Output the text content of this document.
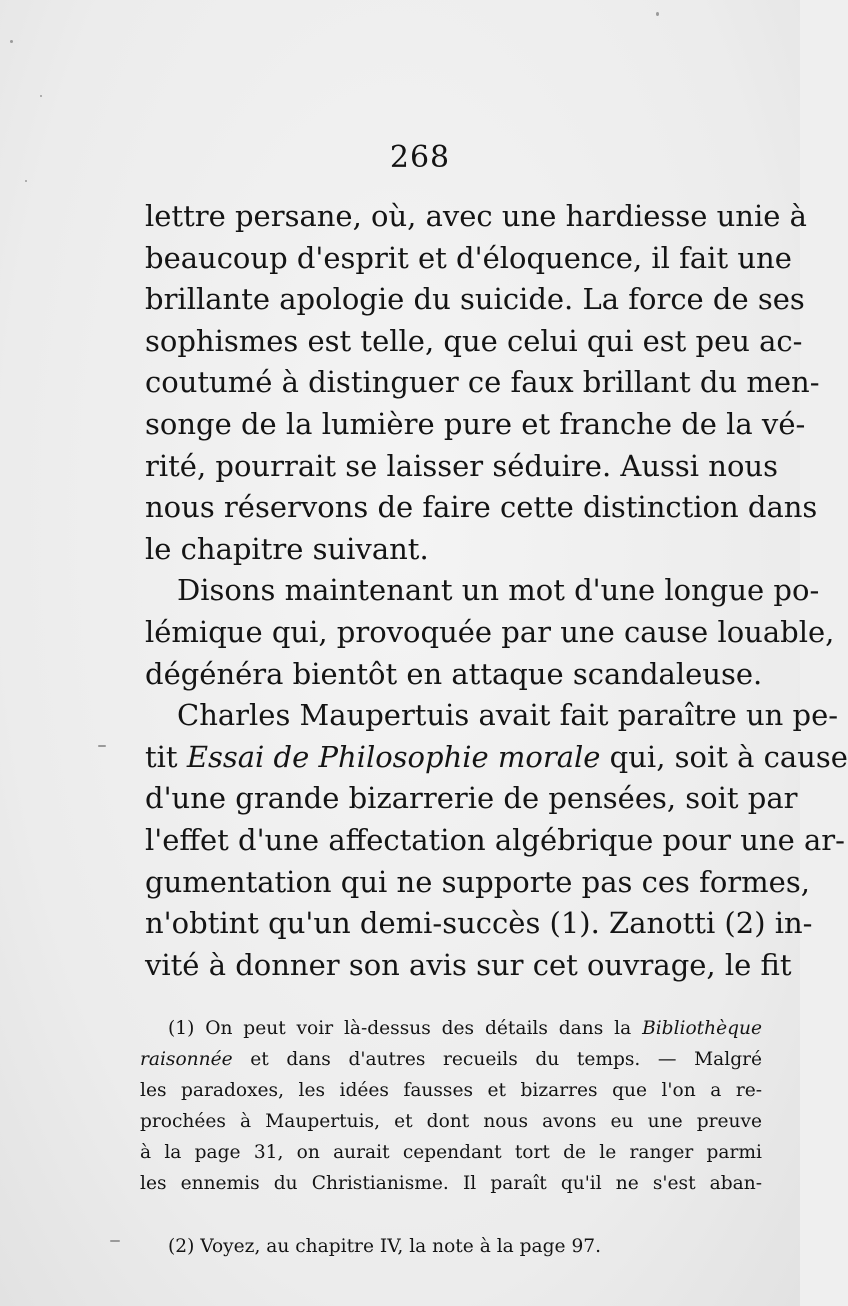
268
lettre persane, où, avec une hardiesse unie à
beaucoup d'esprit et d'éloquence, il fait une
brillante apologie du suicide. La force de ses
sophismes est telle, que celui qui est peu ac-
coutumé à distinguer ce faux brillant du men-
songe de la lumière pure et franche de la vé-
rité, pourrait se laisser séduire. Aussi nous
nous réservons de faire cette distinction dans
le chapitre suivant.
Disons maintenant un mot d'une longue po-
lémique qui, provoquée par une cause louable,
dégénéra bientôt en attaque scandaleuse.
Charles Maupertuis avait fait paraître un pe-
tit Essai de Philosophie morale qui, soit à cause
d'une grande bizarrerie de pensées, soit par
l'effet d'une affectation algébrique pour une ar-
gumentation qui ne supporte pas ces formes,
n'obtint qu'un demi-succès (1). Zanotti (2) in-
vité à donner son avis sur cet ouvrage, le fit
(1) On peut voir là-dessus des détails dans la Bibliothèque
raisonnée et dans d'autres recueils du temps. — Malgré
les paradoxes, les idées fausses et bizarres que l'on a re-
prochées à Maupertuis, et dont nous avons eu une preuve
à la page 31, on aurait cependant tort de le ranger parmi
les ennemis du Christianisme. Il paraît qu'il ne s'est aban-
(2) Voyez, au chapitre IV, la note à la page 97.
